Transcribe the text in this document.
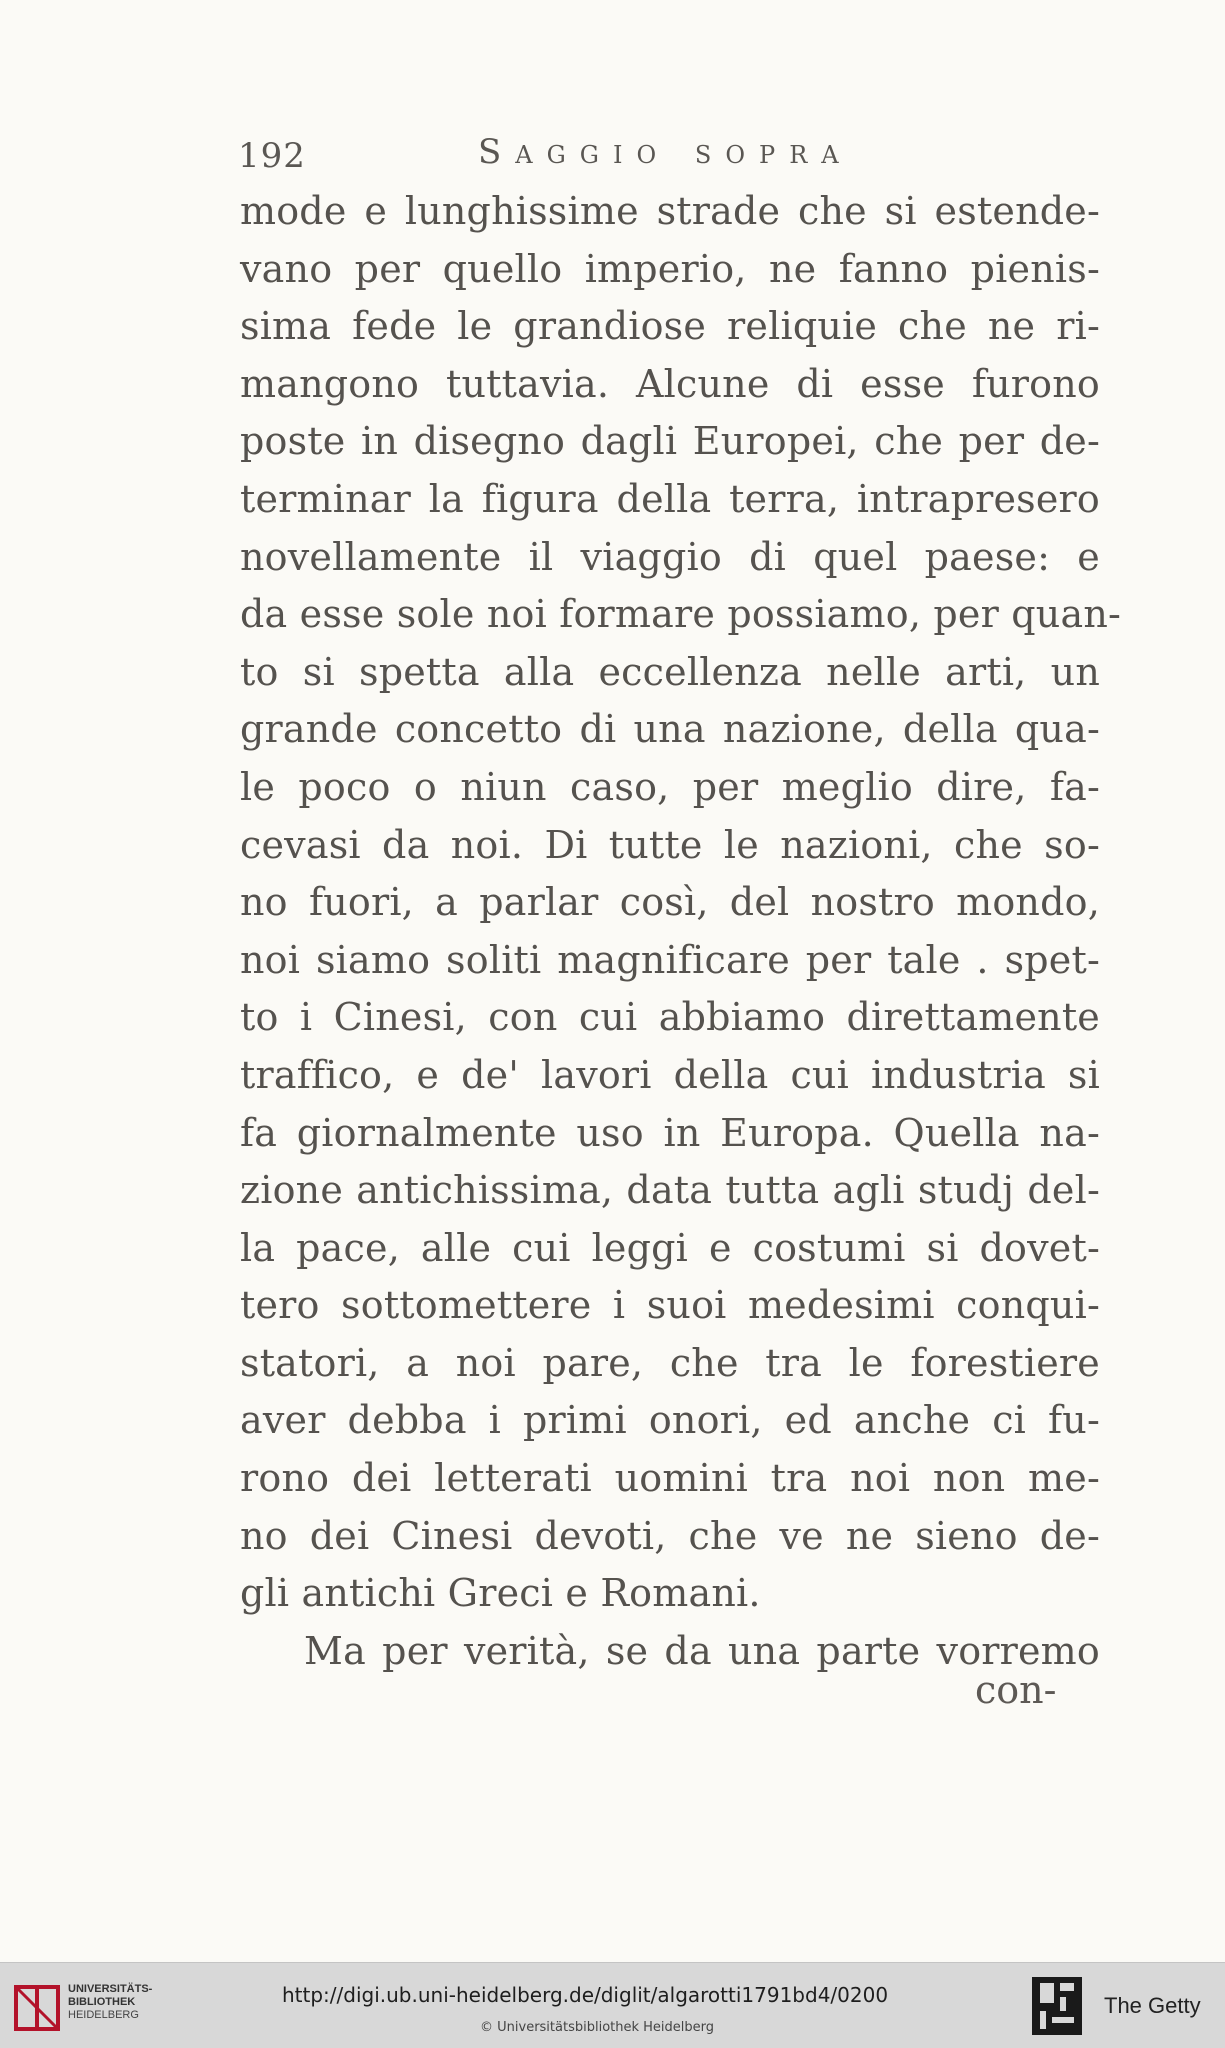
192	Saggio sopra
mode e lunghissime strade che si estende-
vano per quello imperio, ne fanno pienis-
sima fede le grandiose reliquie che ne ri-
mangono tuttavia. Alcune di esse furono
poste in disegno dagli Europei, che per de-
terminar la figura della terra, intrapresero
novellamente il viaggio di quel paese: e
da esse sole noi formare possiamo, per quan-
to si spetta alla eccellenza nelle arti, un
grande concetto di una nazione, della qua-
le poco o niun caso, per meglio dire, fa-
cevasi da noi. Di tutte le nazioni, che so-
no fuori, a parlar così, del nostro mondo,
noi siamo soliti magnificare per tale . spet-
to i Cinesi, con cui abbiamo direttamente
traffico, e de' lavori della cui industria si
fa giornalmente uso in Europa. Quella na-
zione antichissima, data tutta agli studj del-
la pace, alle cui leggi e costumi si dovet-
tero sottomettere i suoi medesimi conqui-
statori, a noi pare, che tra le forestiere
aver debba i primi onori, ed anche ci fu-
rono dei letterati uomini tra noi non me-
no dei Cinesi devoti, che ve ne sieno de-
gli antichi Greci e Romani.
Ma per verità, se da una parte vorremo
con-
UNIVERSITÄTS-
BIBLIOTHEK
HEIDELBERG
http://digi.ub.uni-heidelberg.de/diglit/algarotti1791bd4/0200
© Universitätsbibliothek Heidelberg
The Getty
